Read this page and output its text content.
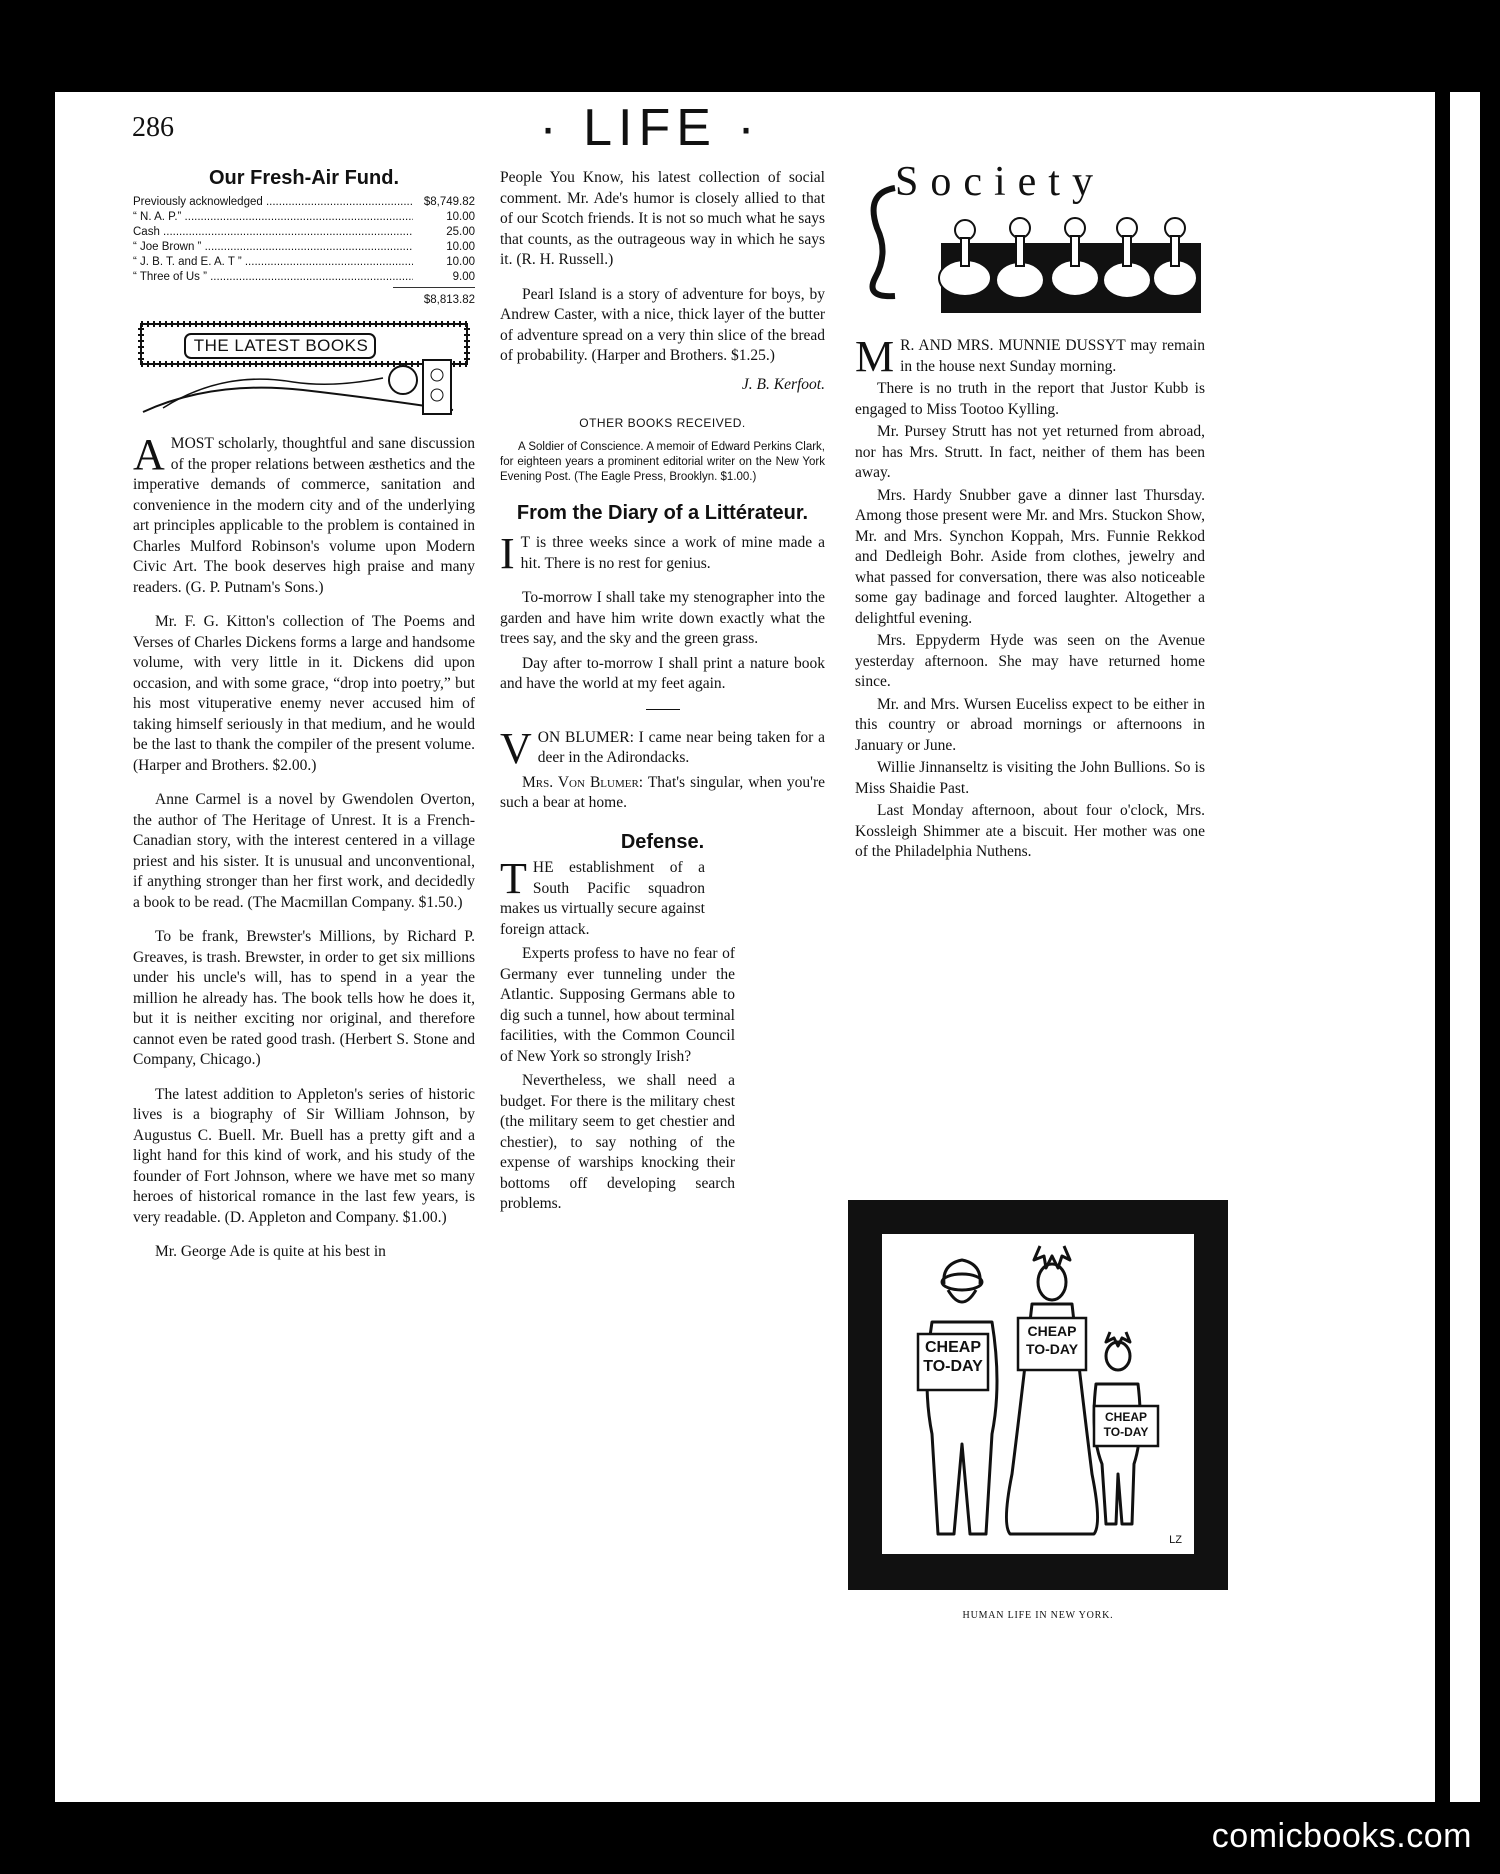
286	· LIFE ·
Our Fresh-Air Fund.
Previously acknowledged .....	$8,749.82
“ N. A. P.” .....	10.00
Cash .....	25.00
“ Joe Brown ” .....	10.00
“ J. B. T. and E. A. T ” .....	10.00
“ Three of Us ” .....	9.00
$8,813.82
THE LATEST BOOKS

AMOST scholarly, thoughtful and sane discussion of the proper relations between æsthetics and the imperative demands of commerce, sanitation and convenience in the modern city and of the underlying art principles applicable to the problem is contained in Charles Mulford Robinson's volume upon Modern Civic Art. The book deserves high praise and many readers. (G. P. Putnam's Sons.)

Mr. F. G. Kitton's collection of The Poems and Verses of Charles Dickens forms a large and handsome volume, with very little in it. Dickens did upon occasion, and with some grace, “drop into poetry,” but his most vituperative enemy never accused him of taking himself seriously in that medium, and he would be the last to thank the compiler of the present volume. (Harper and Brothers. $2.00.)

Anne Carmel is a novel by Gwendolen Overton, the author of The Heritage of Unrest. It is a French-Canadian story, with the interest centered in a village priest and his sister. It is unusual and unconventional, if anything stronger than her first work, and decidedly a book to be read. (The Macmillan Company. $1.50.)

To be frank, Brewster's Millions, by Richard P. Greaves, is trash. Brewster, in order to get six millions under his uncle's will, has to spend in a year the million he already has. The book tells how he does it, but it is neither exciting nor original, and therefore cannot even be rated good trash. (Herbert S. Stone and Company, Chicago.)

The latest addition to Appleton's series of historic lives is a biography of Sir William Johnson, by Augustus C. Buell. Mr. Buell has a pretty gift and a light hand for this kind of work, and his study of the founder of Fort Johnson, where we have met so many heroes of historical romance in the last few years, is very readable. (D. Appleton and Company. $1.00.)

Mr. George Ade is quite at his best in

People You Know, his latest collection of social comment. Mr. Ade's humor is closely allied to that of our Scotch friends. It is not so much what he says that counts, as the outrageous way in which he says it. (R. H. Russell.)

Pearl Island is a story of adventure for boys, by Andrew Caster, with a nice, thick layer of the butter of adventure spread on a very thin slice of the bread of probability. (Harper and Brothers. $1.25.)

J. B. Kerfoot.
OTHER BOOKS RECEIVED.
A Soldier of Conscience. A memoir of Edward Perkins Clark, for eighteen years a prominent editorial writer on the New York Evening Post. (The Eagle Press, Brooklyn. $1.00.)
From the Diary of a Littérateur.

I T is three weeks since a work of mine made a hit. There is no rest for genius.

To-morrow I shall take my stenographer into the garden and have him write down exactly what the trees say, and the sky and the green grass.

Day after to-morrow I shall print a nature book and have the world at my feet again.

VON BLUMER: I came near being taken for a deer in the Adirondacks.

Mrs. Von Blumer: That's singular, when you're such a bear at home.

Defense.

THE establishment of a South Pacific squadron makes us virtually secure against foreign attack.

Experts profess to have no fear of Germany ever tunneling under the Atlantic. Supposing Germans able to dig such a tunnel, how about terminal facilities, with the Common Council of New York so strongly Irish?

Nevertheless, we shall need a budget. For there is the military chest (the military seem to get chestier and chestier), to say nothing of the expense of warships knocking their bottoms off developing search problems.

Society

M R. AND MRS. MUNNIE DUSSYT may remain in the house next Sunday morning.

There is no truth in the report that Justor Kubb is engaged to Miss Tootoo Kylling.

Mr. Pursey Strutt has not yet returned from abroad, nor has Mrs. Strutt. In fact, neither of them has been away.

Mrs. Hardy Snubber gave a dinner last Thursday. Among those present were Mr. and Mrs. Stuckon Show, Mr. and Mrs. Synchon Koppah, Mrs. Funnie Rekkod and Dedleigh Bohr. Aside from clothes, jewelry and what passed for conversation, there was also noticeable some gay badinage and forced laughter. Altogether a delightful evening.

Mrs. Eppyderm Hyde was seen on the Avenue yesterday afternoon. She may have returned home since.

Mr. and Mrs. Wursen Euceliss expect to be either in this country or abroad mornings or afternoons in January or June.

Willie Jinnanseltz is visiting the John Bullions. So is Miss Shaidie Past.

Last Monday afternoon, about four o'clock, Mrs. Kossleigh Shimmer ate a biscuit. Her mother was one of the Philadelphia Nuthens.

CHEAP TO-DAY
CHEAP TO-DAY
CHEAP TO-DAY
LZ
HUMAN LIFE IN NEW YORK.
comicbooks.com
